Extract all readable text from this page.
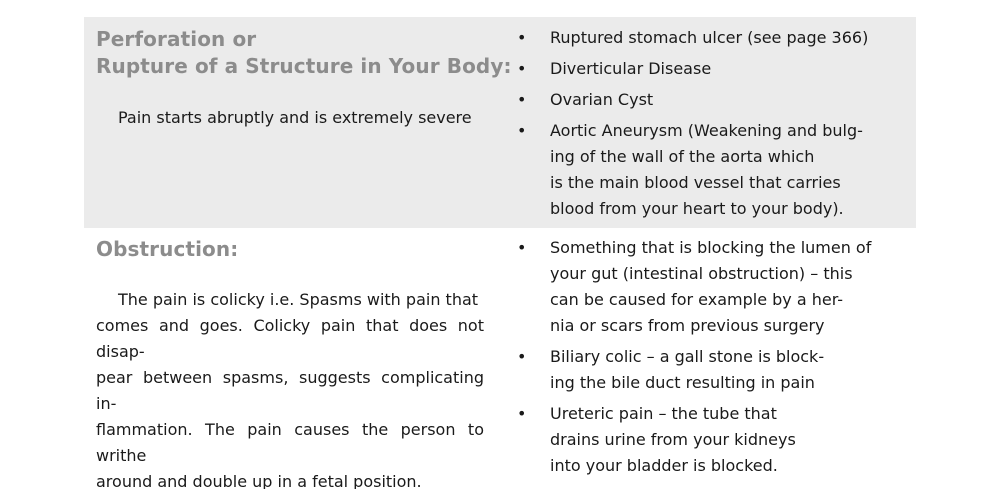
Perforation or
Rupture of a Structure in Your Body:

Pain starts abruptly and is extremely severe

• Ruptured stomach ulcer (see page 366)
• Diverticular Disease
• Ovarian Cyst
• Aortic Aneurysm (Weakening and bulg-
ing of the wall of the aorta which
is the main blood vessel that carries
blood from your heart to your body).
Obstruction:

The pain is colicky i.e. Spasms with pain that

comes and goes. Colicky pain that does not disap-

pear between spasms, suggests complicating in-

flammation. The pain causes the person to writhe

around and double up in a fetal position.

• Something that is blocking the lumen of
your gut (intestinal obstruction) – this
can be caused for example by a her-
nia or scars from previous surgery
• Biliary colic – a gall stone is block-
ing the bile duct resulting in pain
• Ureteric pain – the tube that
drains urine from your kidneys
into your bladder is blocked.
